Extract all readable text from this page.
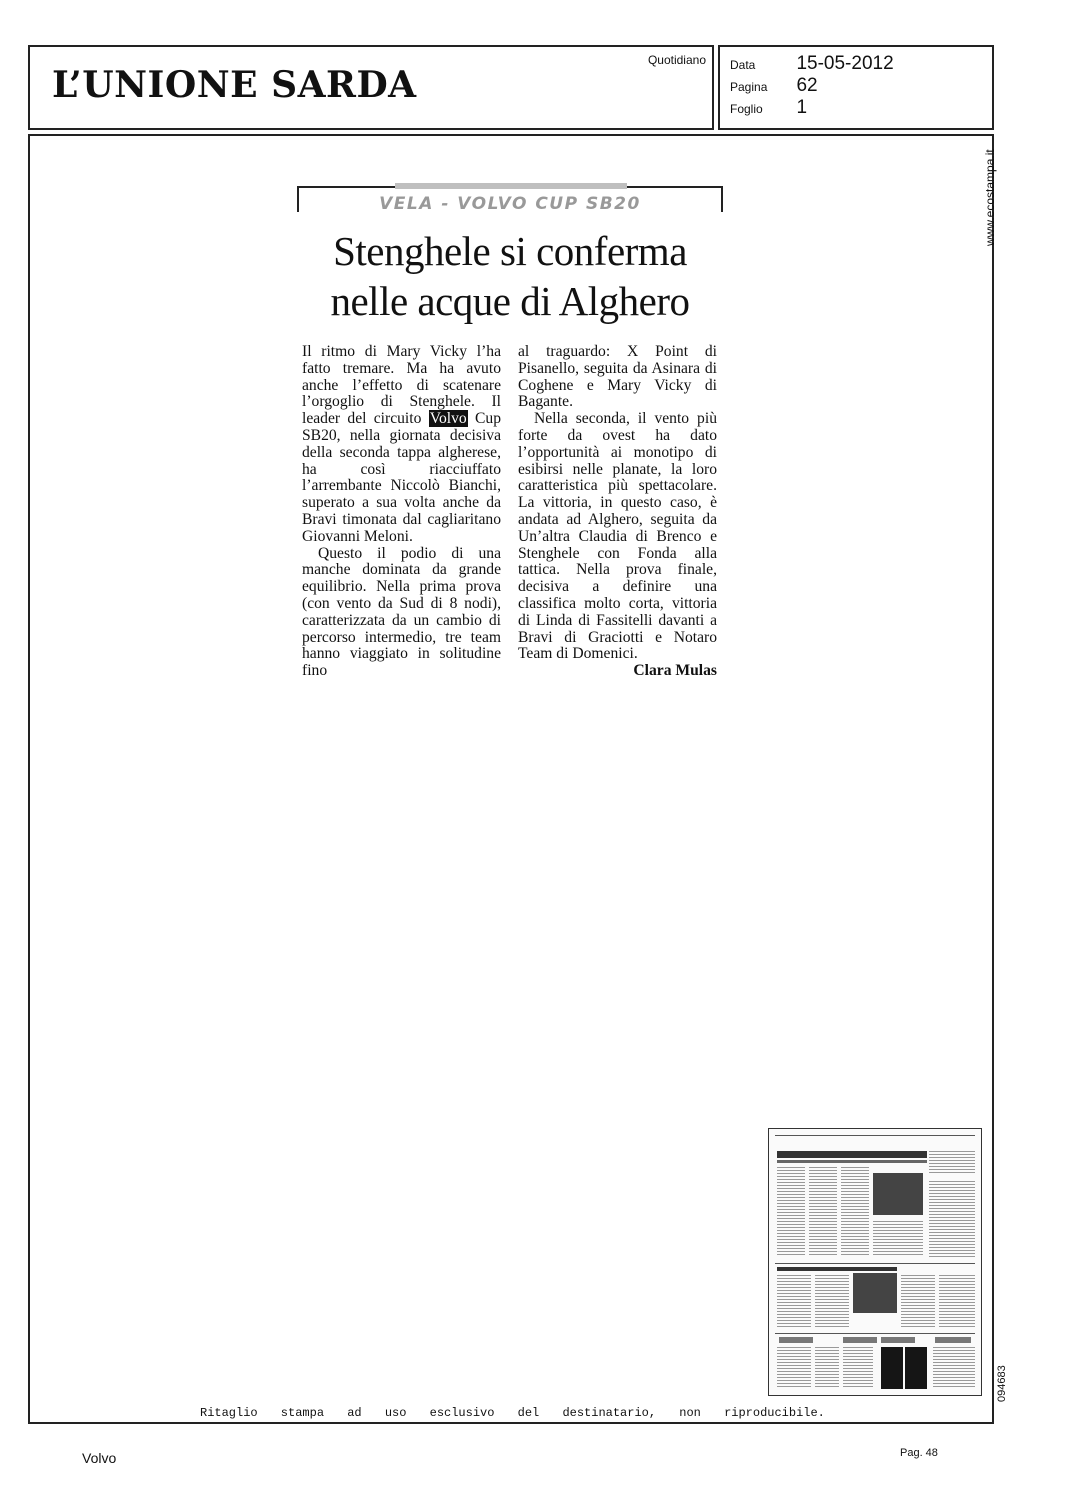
L’UNIONE SARDA
Quotidiano Data 15-05-2012
Pagina 62
Foglio 1
www.ecostampa.it
094683

VELA - VOLVO CUP SB20

Stenghele si conferma
nelle acque di Alghero

Il ritmo di Mary Vicky l’ha fatto tremare. Ma ha avuto anche l’effetto di scatenare l’orgoglio di Stenghele. Il leader del circuito Volvo Cup SB20, nella giornata decisiva della seconda tappa algherese, ha così riacciuffato l’arrembante Niccolò Bianchi, superato a sua volta anche da Bravi timonata dal cagliaritano Giovanni Meloni.

Questo il podio di una manche dominata da grande equilibrio. Nella prima prova (con vento da Sud di 8 nodi), caratterizzata da un cambio di percorso intermedio, tre team hanno viaggiato in solitudine fino

al traguardo: X Point di Pisanello, seguita da Asinara di Coghene e Mary Vicky di Bagante.

Nella seconda, il vento più forte da ovest ha dato l’opportunità ai monotipo di esibirsi nelle planate, la loro caratteristica più spettacolare. La vittoria, in questo caso, è andata ad Alghero, seguita da Un’altra Claudia di Brenco e Stenghele con Fonda alla tattica. Nella prova finale, decisiva a definire una classifica molto corta, vittoria di Linda di Fassitelli davanti a Bravi di Graciotti e Notaro Team di Domenici.

Clara Mulas

Ritaglio stampa ad uso esclusivo del destinatario, non riproducibile.
Volvo	Pag. 48
